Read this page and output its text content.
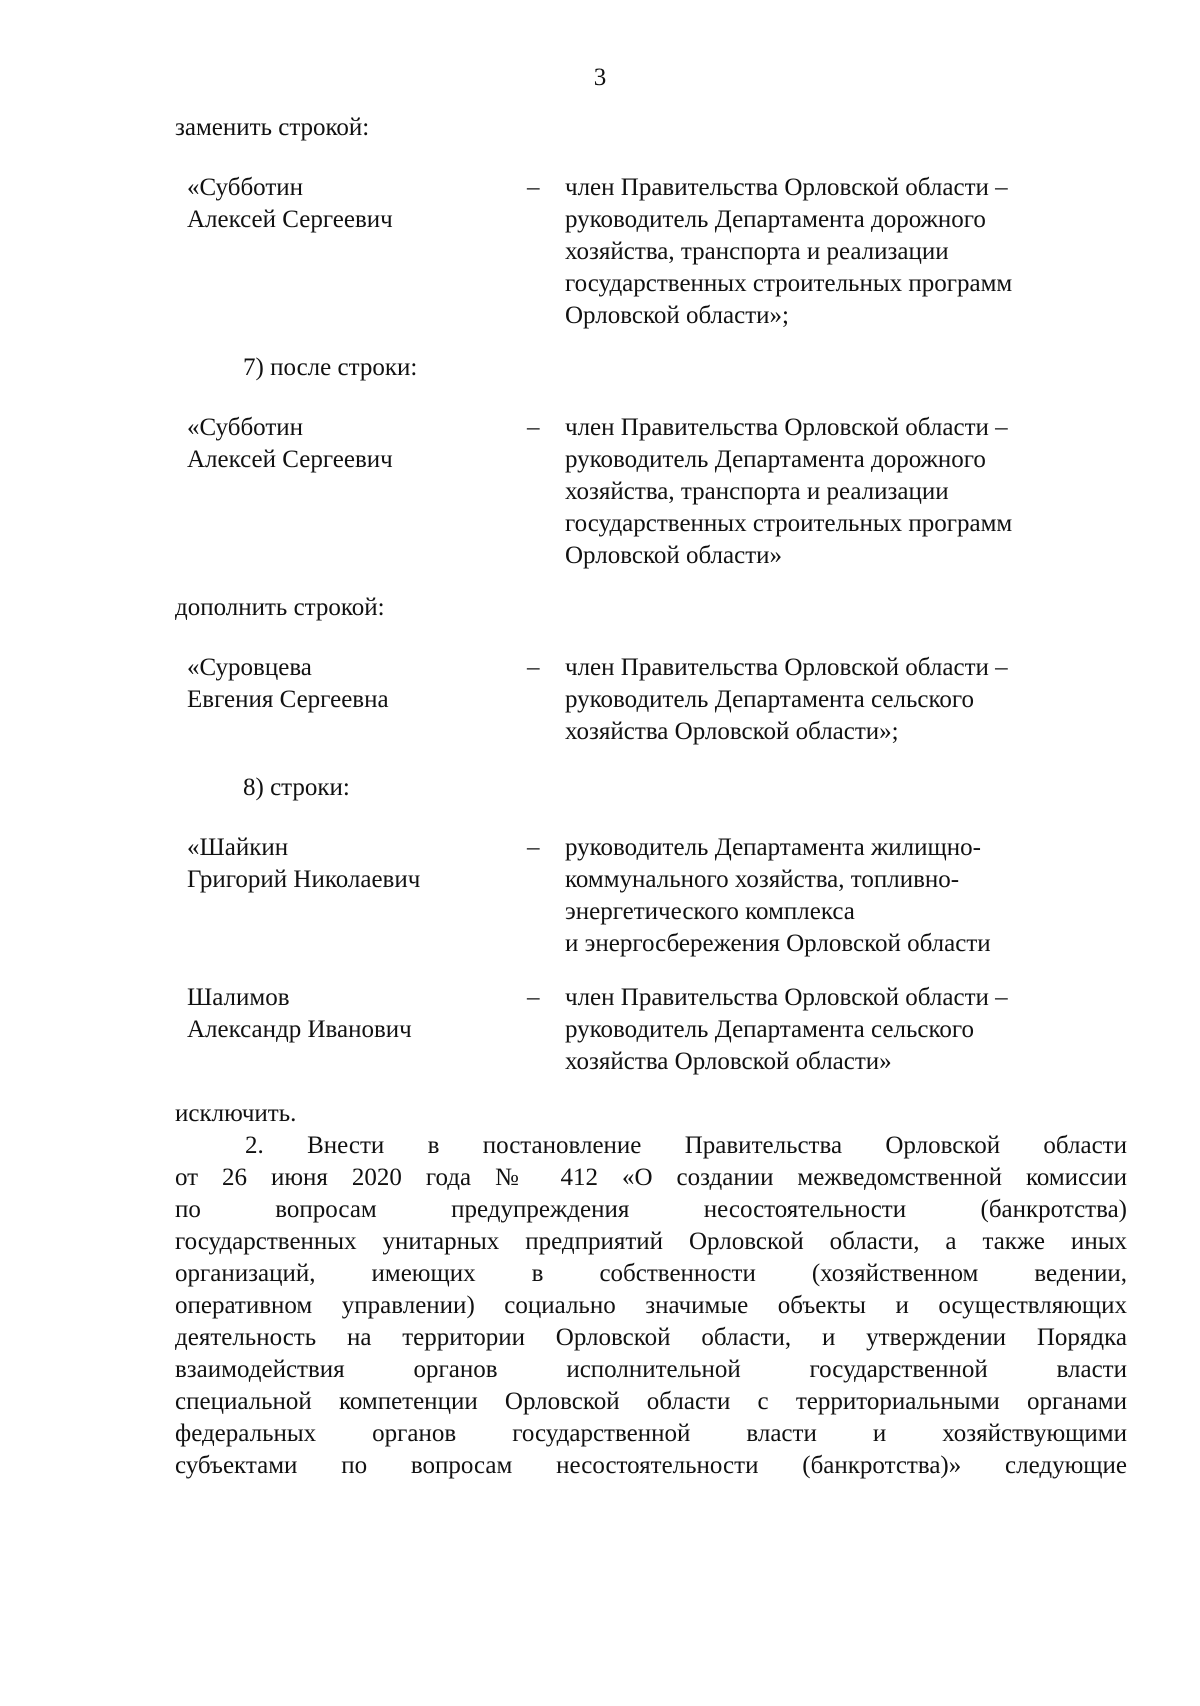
3
заменить строкой:
«Субботин
Алексей Сергеевич
– член Правительства Орловской области –
руководитель Департамента дорожного
хозяйства, транспорта и реализации
государственных строительных программ
Орловской области»;
7) после строки:
«Субботин
Алексей Сергеевич
– член Правительства Орловской области –
руководитель Департамента дорожного
хозяйства, транспорта и реализации
государственных строительных программ
Орловской области»
дополнить строкой:
«Суровцева
Евгения Сергеевна
– член Правительства Орловской области –
руководитель Департамента сельского
хозяйства Орловской области»;
8) строки:
«Шайкин
Григорий Николаевич
– руководитель Департамента жилищно-
коммунального хозяйства, топливно-
энергетического комплекса
и энергосбережения Орловской области
Шалимов
Александр Иванович
– член Правительства Орловской области –
руководитель Департамента сельского
хозяйства Орловской области»
исключить.
2. Внести в постановление Правительства Орловской области
от 26 июня 2020 года № 412 «О создании межведомственной комиссии
по вопросам предупреждения несостоятельности (банкротства)
государственных унитарных предприятий Орловской области, а также иных
организаций, имеющих в собственности (хозяйственном ведении,
оперативном управлении) социально значимые объекты и осуществляющих
деятельность на территории Орловской области, и утверждении Порядка
взаимодействия органов исполнительной государственной власти
специальной компетенции Орловской области с территориальными органами
федеральных органов государственной власти и хозяйствующими
субъектами по вопросам несостоятельности (банкротства)» следующие
